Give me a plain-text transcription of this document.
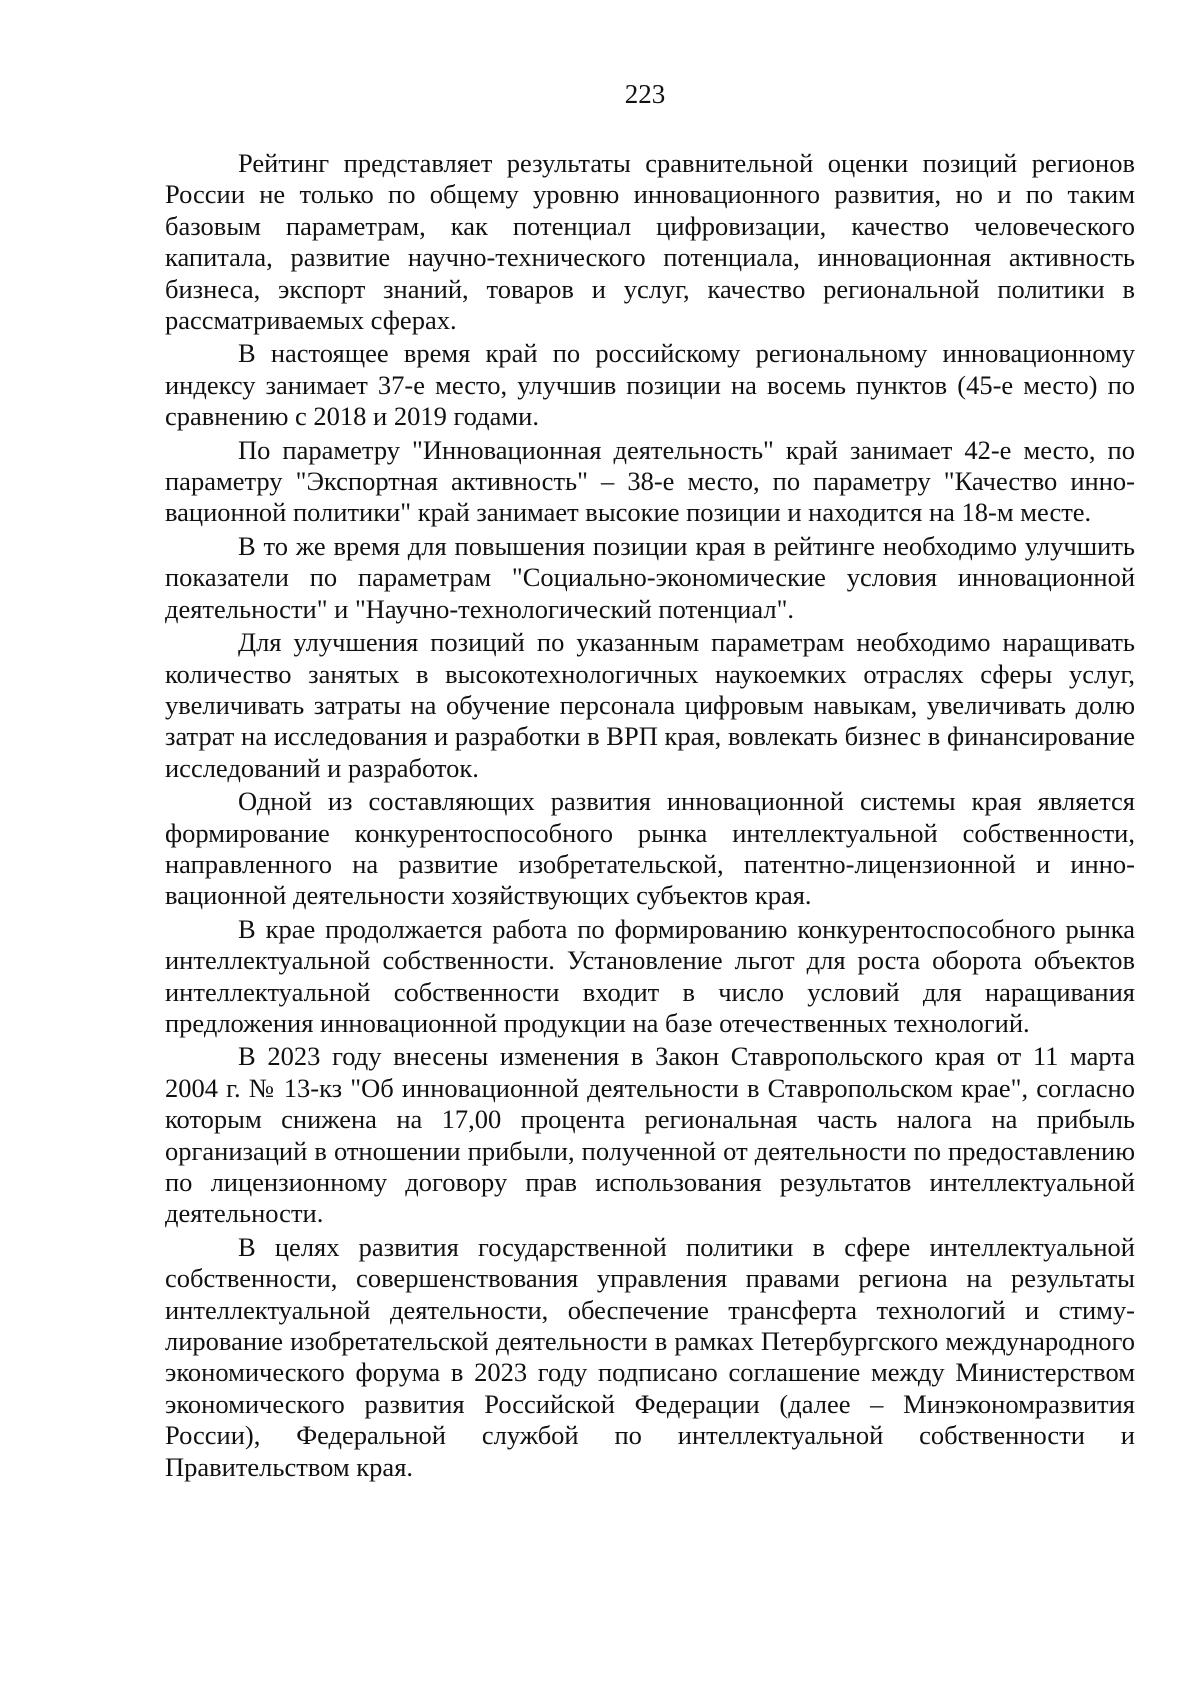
223

Рейтинг представляет результаты сравнительной оценки позиций регионов России не только по общему уровню инновационного развития, но и по таким базовым параметрам, как потенциал цифровизации, качество человеческого капитала, развитие научно-технического потенциала, инновационная активность бизнеса, экспорт знаний, товаров и услуг, качество региональной политики в рассматриваемых сферах.

В настоящее время край по российскому региональному инновационному индексу занимает 37-е место, улучшив позиции на восемь пунктов (45-е место) по сравнению с 2018 и 2019 годами.

По параметру "Инновационная деятельность" край занимает 42-е место, по параметру "Экспортная активность" – 38-е место, по параметру "Качество инновационной политики" край занимает высокие позиции и находится на 18-м месте.

В то же время для повышения позиции края в рейтинге необходимо улучшить показатели по параметрам "Социально-экономические условия инновационной деятельности" и "Научно-технологический потенциал".

Для улучшения позиций по указанным параметрам необходимо наращивать количество занятых в высокотехнологичных наукоемких отраслях сферы услуг, увеличивать затраты на обучение персонала цифровым навыкам, увеличивать долю затрат на исследования и разработки в ВРП края, вовлекать бизнес в финансирование исследований и разработок.

Одной из составляющих развития инновационной системы края является формирование конкурентоспособного рынка интеллектуальной собственности, направленного на развитие изобретательской, патентно-лицензионной и инновационной деятельности хозяйствующих субъектов края.

В крае продолжается работа по формированию конкурентоспособного рынка интеллектуальной собственности. Установление льгот для роста оборота объектов интеллектуальной собственности входит в число условий для наращивания предложения инновационной продукции на базе отечественных технологий.

В 2023 году внесены изменения в Закон Ставропольского края от 11 марта 2004 г. № 13-кз "Об инновационной деятельности в Ставропольском крае", согласно которым снижена на 17,00 процента региональная часть налога на прибыль организаций в отношении прибыли, полученной от деятельности по предоставлению по лицензионному договору прав использования результатов интеллектуальной деятельности.

В целях развития государственной политики в сфере интеллектуальной собственности, совершенствования управления правами региона на результаты интеллектуальной деятельности, обеспечение трансферта технологий и стимулирование изобретательской деятельности в рамках Петербургского международного экономического форума в 2023 году подписано соглашение между Министерством экономического развития Российской Федерации (далее – Минэкономразвития России), Федеральной службой по интеллектуальной собственности и Правительством края.
